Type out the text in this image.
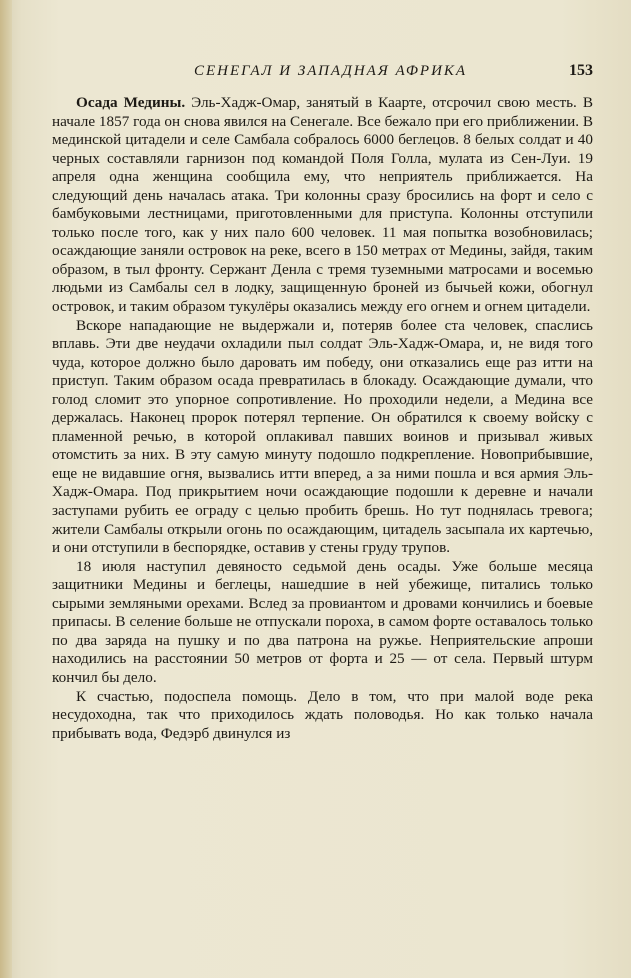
СЕНЕГАЛ И ЗАПАДНАЯ АФРИКА	153

Осада Медины. Эль-Хадж-Омар, занятый в Каарте, отсрочил свою месть. В начале 1857 года он снова явился на Сенегале. Все бежало при его приближении. В мединской цитадели и селе Самбала собралось 6000 беглецов. 8 белых солдат и 40 черных составляли гарнизон под командой Поля Голла, мулата из Сен-Луи. 19 апреля одна женщина сообщила ему, что неприятель приближается. На следующий день началась атака. Три колонны сразу бросились на форт и село с бамбуковыми лестницами, приготовленными для приступа. Колонны отступили только после того, как у них пало 600 человек. 11 мая попытка возобновилась; осаждающие заняли островок на реке, всего в 150 метрах от Медины, зайдя, таким образом, в тыл фронту. Сержант Денла с тремя туземными матросами и восемью людьми из Самбалы сел в лодку, защищенную броней из бычьей кожи, обогнул островок, и таким образом тукулёры оказались между его огнем и огнем цитадели.

Вскоре нападающие не выдержали и, потеряв более ста человек, спаслись вплавь. Эти две неудачи охладили пыл солдат Эль-Хадж-Омара, и, не видя того чуда, которое должно было даровать им победу, они отказались еще раз итти на приступ. Таким образом осада превратилась в блокаду. Осаждающие думали, что голод сломит это упорное сопротивление. Но проходили недели, а Медина все держалась. Наконец пророк потерял терпение. Он обратился к своему войску с пламенной речью, в которой оплакивал павших воинов и призывал живых отомстить за них. В эту самую минуту подошло подкрепление. Новоприбывшие, еще не видавшие огня, вызвались итти вперед, а за ними пошла и вся армия Эль-Хадж-Омара. Под прикрытием ночи осаждающие подошли к деревне и начали заступами рубить ее ограду с целью пробить брешь. Но тут поднялась тревога; жители Самбалы открыли огонь по осаждающим, цитадель засыпала их картечью, и они отступили в беспорядке, оставив у стены груду трупов.

18 июля наступил девяносто седьмой день осады. Уже больше месяца защитники Медины и беглецы, нашедшие в ней убежище, питались только сырыми земляными орехами. Вслед за провиантом и дровами кончились и боевые припасы. В селение больше не отпускали пороха, в самом форте оставалось только по два заряда на пушку и по два патрона на ружье. Неприятельские апроши находились на расстоянии 50 метров от форта и 25 — от села. Первый штурм кончил бы дело.

К счастью, подоспела помощь. Дело в том, что при малой воде река несудоходна, так что приходилось ждать половодья. Но как только начала прибывать вода, Федэрб двинулся из
